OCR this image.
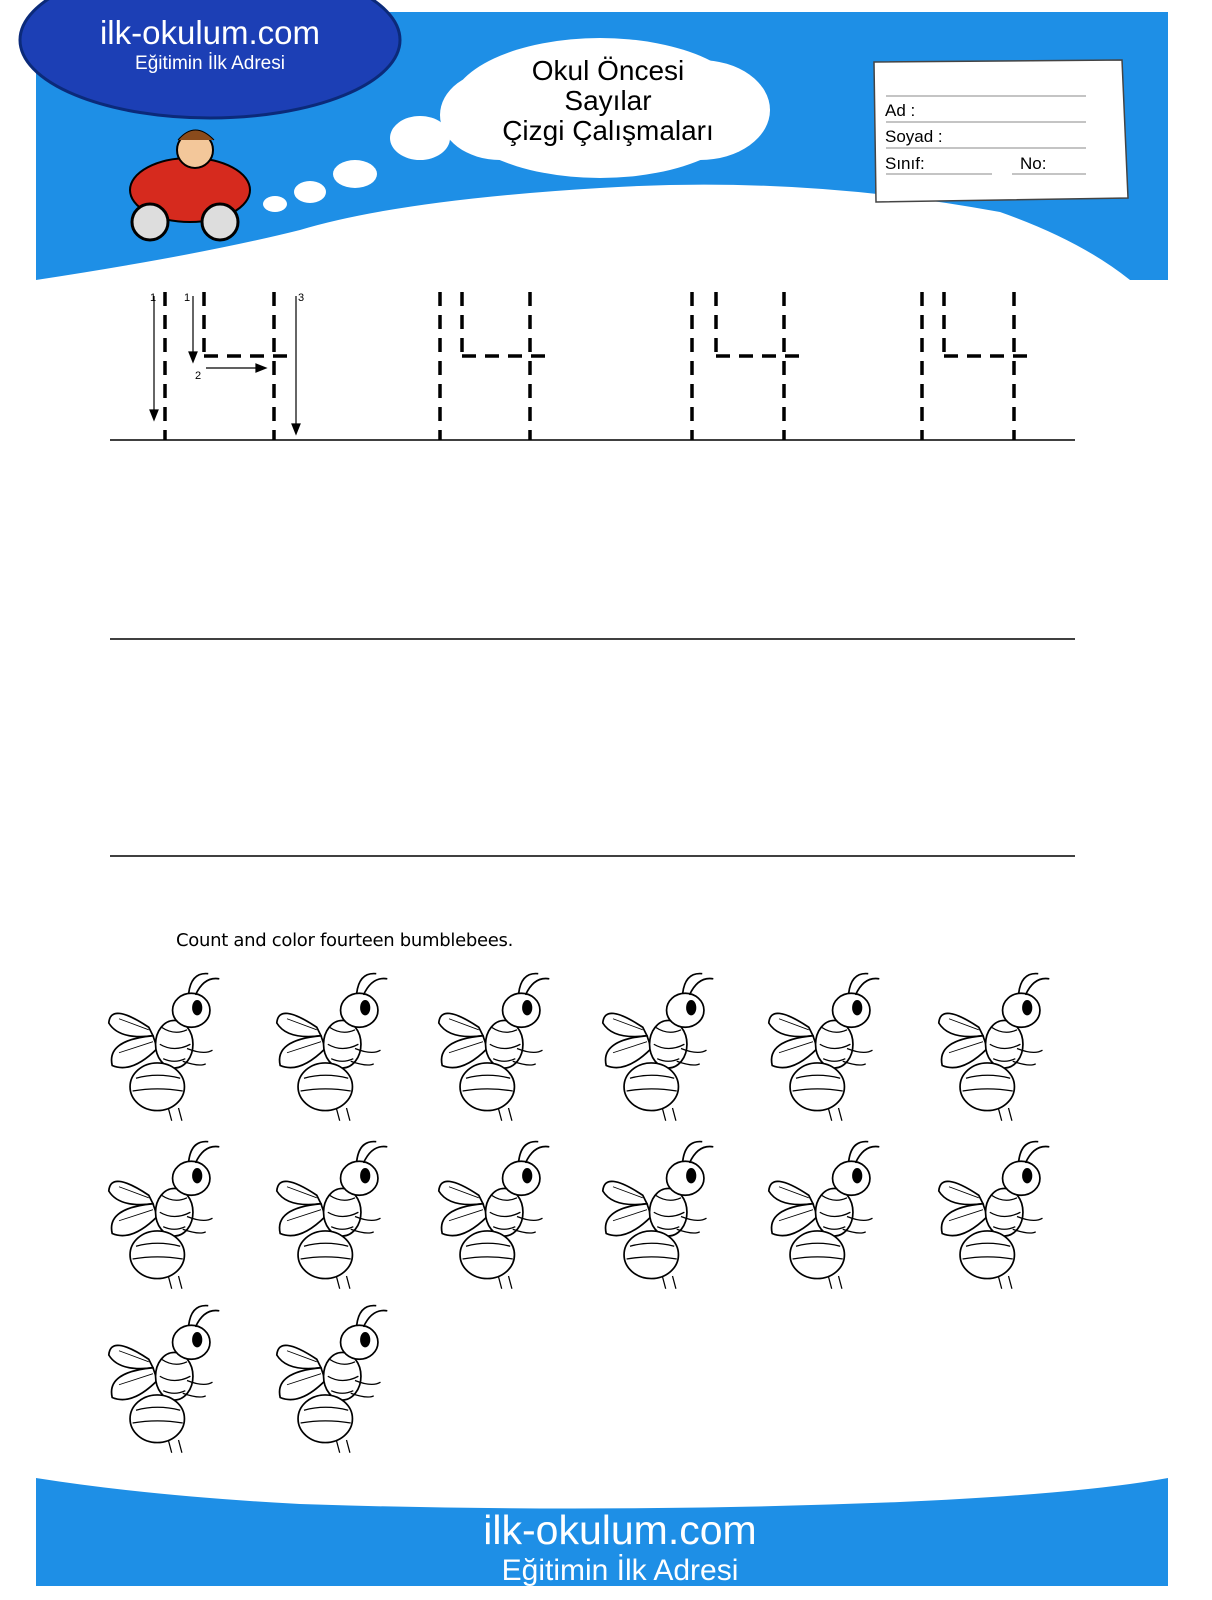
ilk-okulum.com
Eğitimin İlk Adresi	Okul Öncesi
Sayılar
Çizgi Çalışmaları
Ad :
Soyad :
Sınıf:	No:
1	1
2
3
Count and color fourteen bumblebees.
ilk-okulum.com
Eğitimin İlk Adresi
